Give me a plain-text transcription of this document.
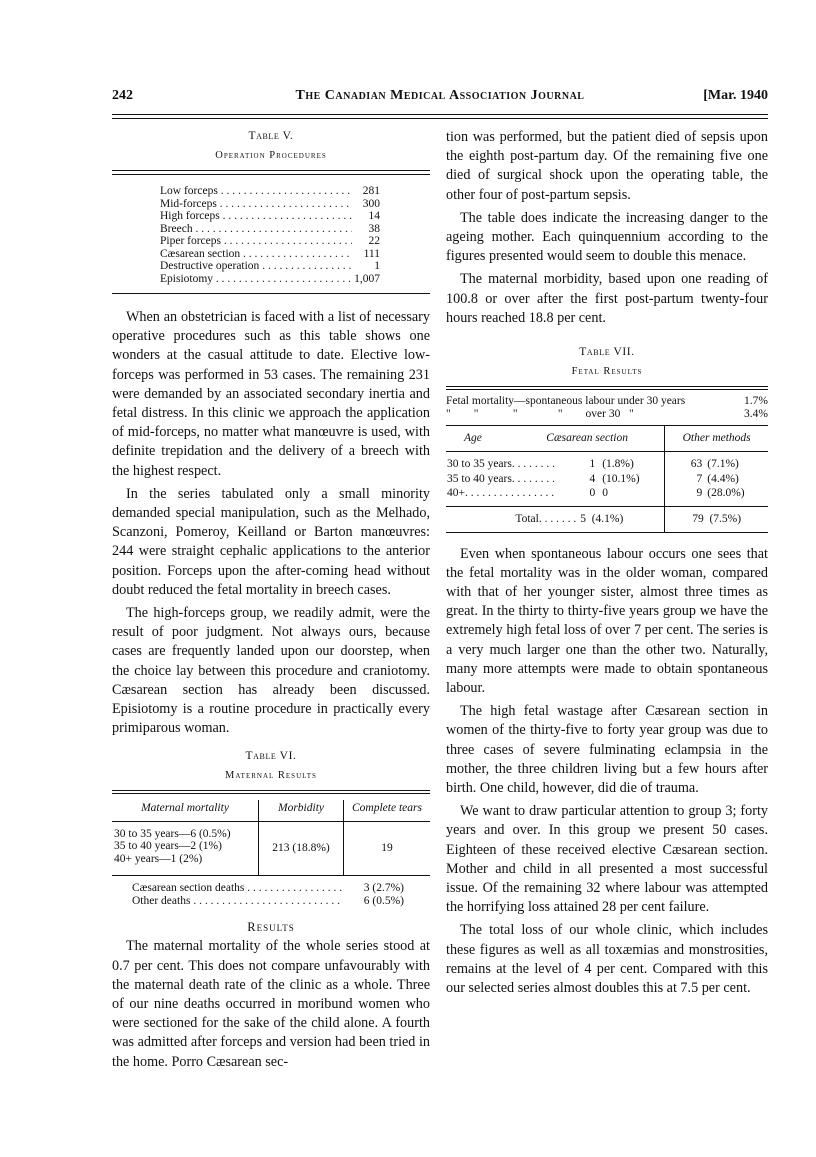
242	The Canadian Medical Association Journal	[Mar. 1940

Table V.

Operation Procedures

Low forceps . . .	281
Mid-forceps . . .	300
High forceps . . .	14
Breech . . .	38
Piper forceps . . .	22
Cæsarean section . . .	111
Destructive operation . . .	1
Episiotomy . . .	1,007

When an obstetrician is faced with a list of necessary operative procedures such as this table shows one wonders at the casual attitude to date. Elective low-forceps was performed in 53 cases. The remaining 231 were demanded by an associated secondary inertia and fetal distress. In this clinic we approach the application of mid-forceps, no matter what manœuvre is used, with definite trepidation and the delivery of a breech with the highest respect.

In the series tabulated only a small minority demanded special manipulation, such as the Melhado, Scanzoni, Pomeroy, Keilland or Barton manœuvres: 244 were straight cephalic applications to the anterior position. Forceps upon the after-coming head without doubt reduced the fetal mortality in breech cases.

The high-forceps group, we readily admit, were the result of poor judgment. Not always ours, because cases are frequently landed upon our doorstep, when the choice lay between this procedure and craniotomy. Cæsarean section has already been discussed. Episiotomy is a routine procedure in practically every primiparous woman.

Table VI.

Maternal Results

Maternal mortality	Morbidity	Complete tears

30 to 35 years—6 (0.5%)
35 to 40 years—2 (1%)
40+ years—1 (2%)	213 (18.8%)	19
Cæsarean section deaths . . .	3 (2.7%)
Other deaths . . .	6 (0.5%)

Results

The maternal mortality of the whole series stood at 0.7 per cent. This does not compare unfavourably with the maternal death rate of the clinic as a whole. Three of our nine deaths occurred in moribund women who were sectioned for the sake of the child alone. A fourth was admitted after forceps and version had been tried in the home. Porro Cæsarean sec-

tion was performed, but the patient died of sepsis upon the eighth post-partum day. Of the remaining five one died of surgical shock upon the operating table, the other four of post-partum sepsis.

The table does indicate the increasing danger to the ageing mother. Each quinquennium according to the figures presented would seem to double this menace.

The maternal morbidity, based upon one reading of 100.8 or over after the first post-partum twenty-four hours reached 18.8 per cent.

Table VII.

Fetal Results

Fetal mortality—spontaneous labour under 30 years	1.7%
"        "            "              "        over 30   "	3.4%
Age	Cæsarean section			Other methods	

30 to 35 years. . . . . . . .		1	(1.8%)	63	(7.1%)
35 to 40 years. . . . . . . .		4	(10.1%)	7	(4.4%)
40+. . . . . . . . . . . . . . . .		0	0	9	(28.0%)

Total. . . . . . .		5  (4.1%)		79  (7.5%)	

Even when spontaneous labour occurs one sees that the fetal mortality was in the older woman, compared with that of her younger sister, almost three times as great. In the thirty to thirty-five years group we have the extremely high fetal loss of over 7 per cent. The series is a very much larger one than the other two. Naturally, many more attempts were made to obtain spontaneous labour.

The high fetal wastage after Cæsarean section in women of the thirty-five to forty year group was due to three cases of severe fulminating eclampsia in the mother, the three children living but a few hours after birth. One child, however, did die of trauma.

We want to draw particular attention to group 3; forty years and over. In this group we present 50 cases. Eighteen of these received elective Cæsarean section. Mother and child in all presented a most successful issue. Of the remaining 32 where labour was attempted the horrifying loss attained 28 per cent failure.

The total loss of our whole clinic, which includes these figures as well as all toxæmias and monstrosities, remains at the level of 4 per cent. Compared with this our selected series almost doubles this at 7.5 per cent.
